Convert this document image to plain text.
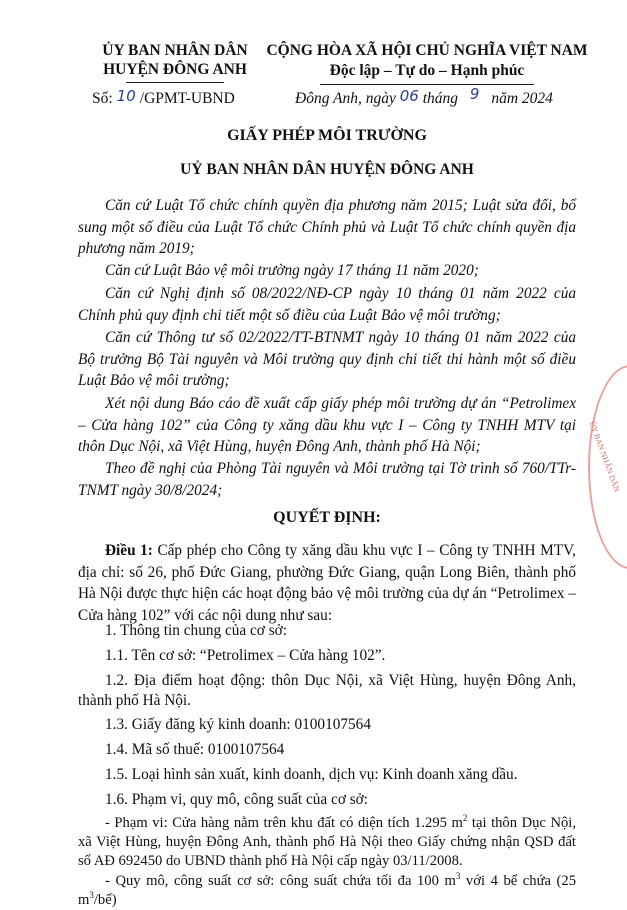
ỦY BAN NHÂN DÂN
HUYỆN ĐÔNG ANH
Số: 10 /GPMT-UBND
CỘNG HÒA XÃ HỘI CHỦ NGHĨA VIỆT NAM
Độc lập – Tự do – Hạnh phúc
Đông Anh, ngày 06 tháng 9 năm 2024
GIẤY PHÉP MÔI TRƯỜNG
UỶ BAN NHÂN DÂN HUYỆN ĐÔNG ANH
Căn cứ Luật Tổ chức chính quyền địa phương năm 2015; Luật sửa đổi, bổ sung một số điều của Luật Tổ chức Chính phủ và Luật Tổ chức chính quyền địa phương năm 2019;
Căn cứ Luật Bảo vệ môi trường ngày 17 tháng 11 năm 2020;
Căn cứ Nghị định số 08/2022/NĐ-CP ngày 10 tháng 01 năm 2022 của Chính phủ quy định chi tiết một số điều của Luật Bảo vệ môi trường;
Căn cứ Thông tư số 02/2022/TT-BTNMT ngày 10 tháng 01 năm 2022 của Bộ trưởng Bộ Tài nguyên và Môi trường quy định chi tiết thi hành một số điều Luật Bảo vệ môi trường;
Xét nội dung Báo cáo đề xuất cấp giấy phép môi trường dự án “Petrolimex – Cửa hàng 102” của Công ty xăng dầu khu vực I – Công ty TNHH MTV tại thôn Dục Nội, xã Việt Hùng, huyện Đông Anh, thành phố Hà Nội;
Theo đề nghị của Phòng Tài nguyên và Môi trường tại Tờ trình số 760/TTr-TNMT ngày 30/8/2024;
QUYẾT ĐỊNH:
Điều 1: Cấp phép cho Công ty xăng dầu khu vực I – Công ty TNHH MTV, địa chỉ: số 26, phố Đức Giang, phường Đức Giang, quận Long Biên, thành phố Hà Nội được thực hiện các hoạt động bảo vệ môi trường của dự án “Petrolimex – Cửa hàng 102” với các nội dung như sau:
1. Thông tin chung của cơ sở:
1.1. Tên cơ sở: “Petrolimex – Cửa hàng 102”.
1.2. Địa điểm hoạt động: thôn Dục Nội, xã Việt Hùng, huyện Đông Anh, thành phố Hà Nội.
1.3. Giấy đăng ký kinh doanh: 0100107564
1.4. Mã số thuế: 0100107564
1.5. Loại hình sản xuất, kinh doanh, dịch vụ: Kinh doanh xăng dầu.
1.6. Phạm vi, quy mô, công suất của cơ sở:
- Phạm vi: Cửa hàng nằm trên khu đất có diện tích 1.295 $m^2$ tại thôn Dục Nội, xã Việt Hùng, huyện Đông Anh, thành phố Hà Nội theo Giấy chứng nhận QSD đất số AĐ 692450 do UBND thành phố Hà Nội cấp ngày 03/11/2008.
- Quy mô, công suất cơ sở: công suất chứa tối đa 100 $m^3$ với 4 bể chứa (25 $m^3/bể$)
ỦY BAN NHÂN DÂN
